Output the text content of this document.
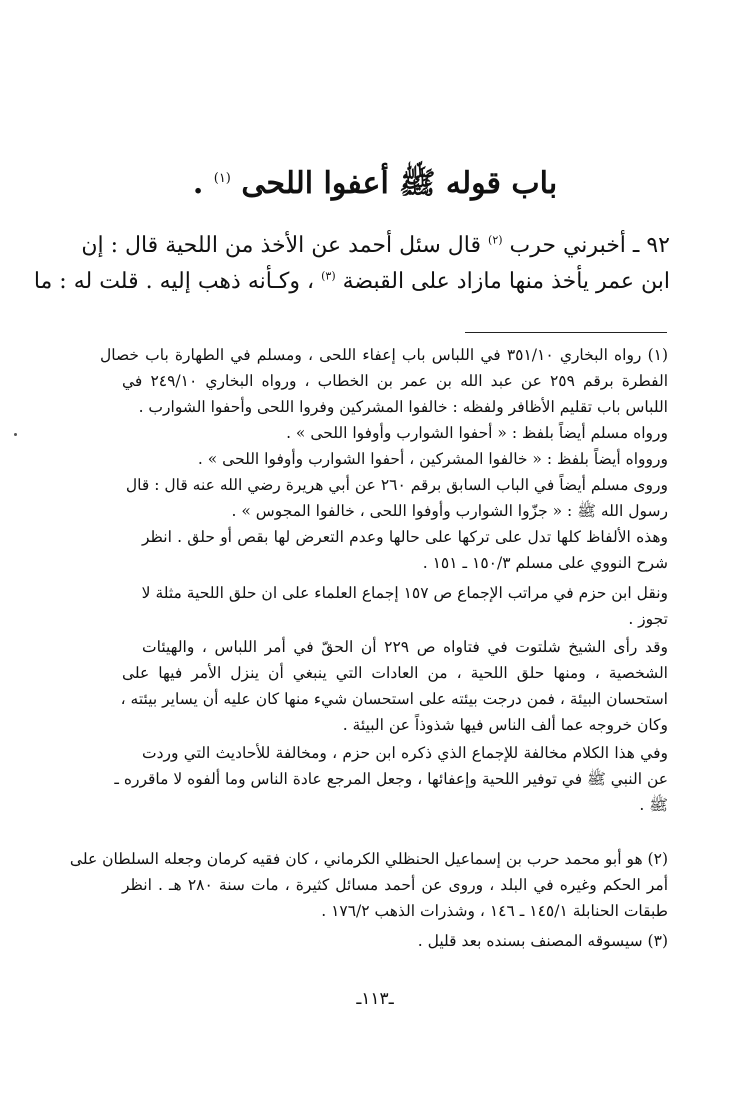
باب قوله ﷺ أعفوا اللحى $^{(١)}$ .
٩٢ ـ أخبرني حرب $^{(٢)}$ قال سئل أحمد عن الأخذ من اللحية قال : إن
ابن عمر يأخذ منها مازاد على القبضة $^{(٣)}$ ، وكـأنه ذهب إليه . قلت له : ما
(١) رواه البخاري ٣٥١/١٠ في اللباس باب إعفاء اللحى ، ومسلم في الطهارة باب خصال
الفطرة برقم ٢٥٩ عن عبد الله بن عمر بن الخطاب ، ورواه البخاري ٢٤٩/١٠ في
اللباس باب تقليم الأظافر ولفظه : خالفوا المشركين وفروا اللحى وأحفوا الشوارب .
ورواه مسلم أيضاً بلفظ : « أحفوا الشوارب وأوفوا اللحى » .
وروواه أيضاً بلفظ : « خالفوا المشركين ، أحفوا الشوارب وأوفوا اللحى » .
وروى مسلم أيضاً في الباب السابق برقم ٢٦٠ عن أبي هريرة رضي الله عنه قال : قال
رسول الله ﷺ : « جزّوا الشوارب وأوفوا اللحى ، خالفوا المجوس » .
وهذه الألفاظ كلها تدل على تركها على حالها وعدم التعرض لها بقص أو حلق . انظر
شرح النووي على مسلم ١٥٠/٣ ـ ١٥١ .
ونقل ابن حزم في مراتب الإجماع ص ١٥٧ إجماع العلماء على ان حلق اللحية مثلة لا
تجوز .
وقد رأى الشيخ شلتوت في فتاواه ص ٢٢٩ أن الحقّ في أمر اللباس ، والهيئات
الشخصية ، ومنها حلق اللحية ، من العادات التي ينبغي أن ينزل الأمر فيها على
استحسان البيئة ، فمن درجت بيئته على استحسان شيء منها كان عليه أن يساير بيئته ،
وكان خروجه عما ألف الناس فيها شذوذاً عن البيئة .
وفي هذا الكلام مخالفة للإجماع الذي ذكره ابن حزم ، ومخالفة للأحاديث التي وردت
عن النبي ﷺ في توفير اللحية وإعفائها ، وجعل المرجع عادة الناس وما ألفوه لا ماقرره ـ
ﷺ .
(٢) هو أبو محمد حرب بن إسماعيل الحنظلي الكرماني ، كان فقيه كرمان وجعله السلطان على
أمر الحكم وغيره في البلد ، وروى عن أحمد مسائل كثيرة ، مات سنة ٢٨٠ هـ . انظر
طبقات الحنابلة ١٤٥/١ ـ ١٤٦ ، وشذرات الذهب ١٧٦/٢ .
(٣) سيسوقه المصنف بسنده بعد قليل .
ـ١١٣ـ
